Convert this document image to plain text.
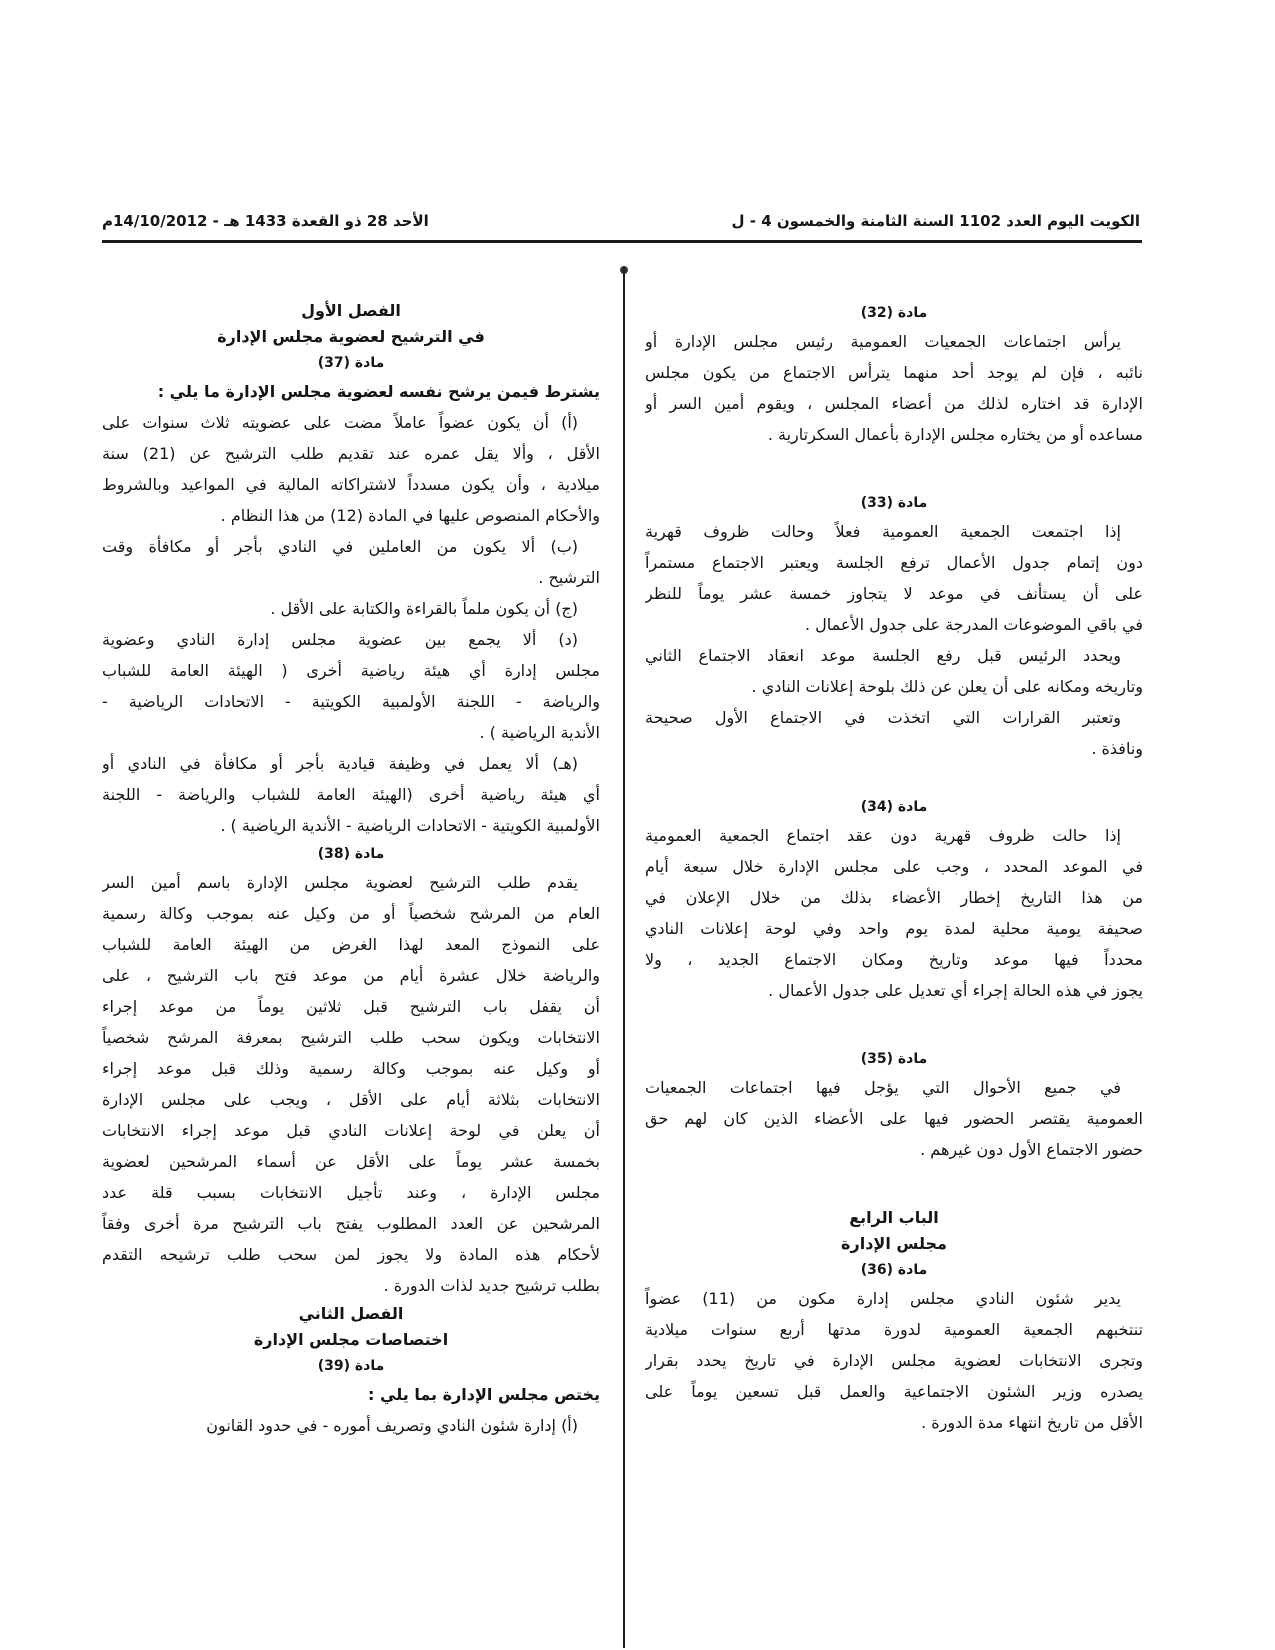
الأحد 28 ذو القعدة 1433 هـ - 14/10/2012م	الكويت اليوم العدد 1102 السنة الثامنة والخمسون 4 - ل
مادة (32)
يرأس اجتماعات الجمعيات العمومية رئيس مجلس الإدارة أو
نائبه ، فإن لم يوجد أحد منهما يترأس الاجتماع من يكون مجلس
الإدارة قد اختاره لذلك من أعضاء المجلس ، ويقوم أمين السر أو
مساعده أو من يختاره مجلس الإدارة بأعمال السكرتارية .
مادة (33)
إذا اجتمعت الجمعية العمومية فعلاً وحالت ظروف قهرية
دون إتمام جدول الأعمال ترفع الجلسة ويعتبر الاجتماع مستمراً
على أن يستأنف في موعد لا يتجاوز خمسة عشر يوماً للنظر
في باقي الموضوعات المدرجة على جدول الأعمال .
ويحدد الرئيس قبل رفع الجلسة موعد انعقاد الاجتماع الثاني
وتاريخه ومكانه على أن يعلن عن ذلك بلوحة إعلانات النادي .
وتعتبر القرارات التي اتخذت في الاجتماع الأول صحيحة
ونافذة .
مادة (34)
إذا حالت ظروف قهرية دون عقد اجتماع الجمعية العمومية
في الموعد المحدد ، وجب على مجلس الإدارة خلال سبعة أيام
من هذا التاريخ إخطار الأعضاء بذلك من خلال الإعلان في
صحيفة يومية محلية لمدة يوم واحد وفي لوحة إعلانات النادي
محدداً فيها موعد وتاريخ ومكان الاجتماع الجديد ، ولا
يجوز في هذه الحالة إجراء أي تعديل على جدول الأعمال .
مادة (35)
في جميع الأحوال التي يؤجل فيها اجتماعات الجمعيات
العمومية يقتصر الحضور فيها على الأعضاء الذين كان لهم حق
حضور الاجتماع الأول دون غيرهم .
الباب الرابع
مجلس الإدارة
مادة (36)
يدير شئون النادي مجلس إدارة مكون من (11) عضواً
تنتخبهم الجمعية العمومية لدورة مدتها أربع سنوات ميلادية
وتجرى الانتخابات لعضوية مجلس الإدارة في تاريخ يحدد بقرار
يصدره وزير الشئون الاجتماعية والعمل قبل تسعين يوماً على
الأقل من تاريخ انتهاء مدة الدورة .
الفصل الأول
في الترشيح لعضوية مجلس الإدارة
مادة (37)
يشترط فيمن يرشح نفسه لعضوية مجلس الإدارة ما يلي :
(أ) أن يكون عضواً عاملاً مضت على عضويته ثلاث سنوات على
الأقل ، وألا يقل عمره عند تقديم طلب الترشيح عن (21) سنة
ميلادية ، وأن يكون مسدداً لاشتراكاته المالية في المواعيد وبالشروط
والأحكام المنصوص عليها في المادة (12) من هذا النظام .
(ب) ألا يكون من العاملين في النادي بأجر أو مكافأة وقت
الترشيح .
(ج) أن يكون ملماً بالقراءة والكتابة على الأقل .
(د) ألا يجمع بين عضوية مجلس إدارة النادي وعضوية
مجلس إدارة أي هيئة رياضية أخرى ( الهيئة العامة للشباب
والرياضة - اللجنة الأولمبية الكويتية - الاتحادات الرياضية -
الأندية الرياضية ) .
(هـ) ألا يعمل في وظيفة قيادية بأجر أو مكافأة في النادي أو
أي هيئة رياضية أخرى (الهيئة العامة للشباب والرياضة - اللجنة
الأولمبية الكويتية - الاتحادات الرياضية - الأندية الرياضية ) .
مادة (38)
يقدم طلب الترشيح لعضوية مجلس الإدارة باسم أمين السر
العام من المرشح شخصياً أو من وكيل عنه بموجب وكالة رسمية
على النموذج المعد لهذا الغرض من الهيئة العامة للشباب
والرياضة خلال عشرة أيام من موعد فتح باب الترشيح ، على
أن يقفل باب الترشيح قبل ثلاثين يوماً من موعد إجراء
الانتخابات ويكون سحب طلب الترشيح بمعرفة المرشح شخصياً
أو وكيل عنه بموجب وكالة رسمية وذلك قبل موعد إجراء
الانتخابات بثلاثة أيام على الأقل ، ويجب على مجلس الإدارة
أن يعلن في لوحة إعلانات النادي قبل موعد إجراء الانتخابات
بخمسة عشر يوماً على الأقل عن أسماء المرشحين لعضوية
مجلس الإدارة ، وعند تأجيل الانتخابات بسبب قلة عدد
المرشحين عن العدد المطلوب يفتح باب الترشيح مرة أخرى وفقاً
لأحكام هذه المادة ولا يجوز لمن سحب طلب ترشيحه التقدم
بطلب ترشيح جديد لذات الدورة .
الفصل الثاني
اختصاصات مجلس الإدارة
مادة (39)
يختص مجلس الإدارة بما يلي :
(أ) إدارة شئون النادي وتصريف أموره - في حدود القانون
